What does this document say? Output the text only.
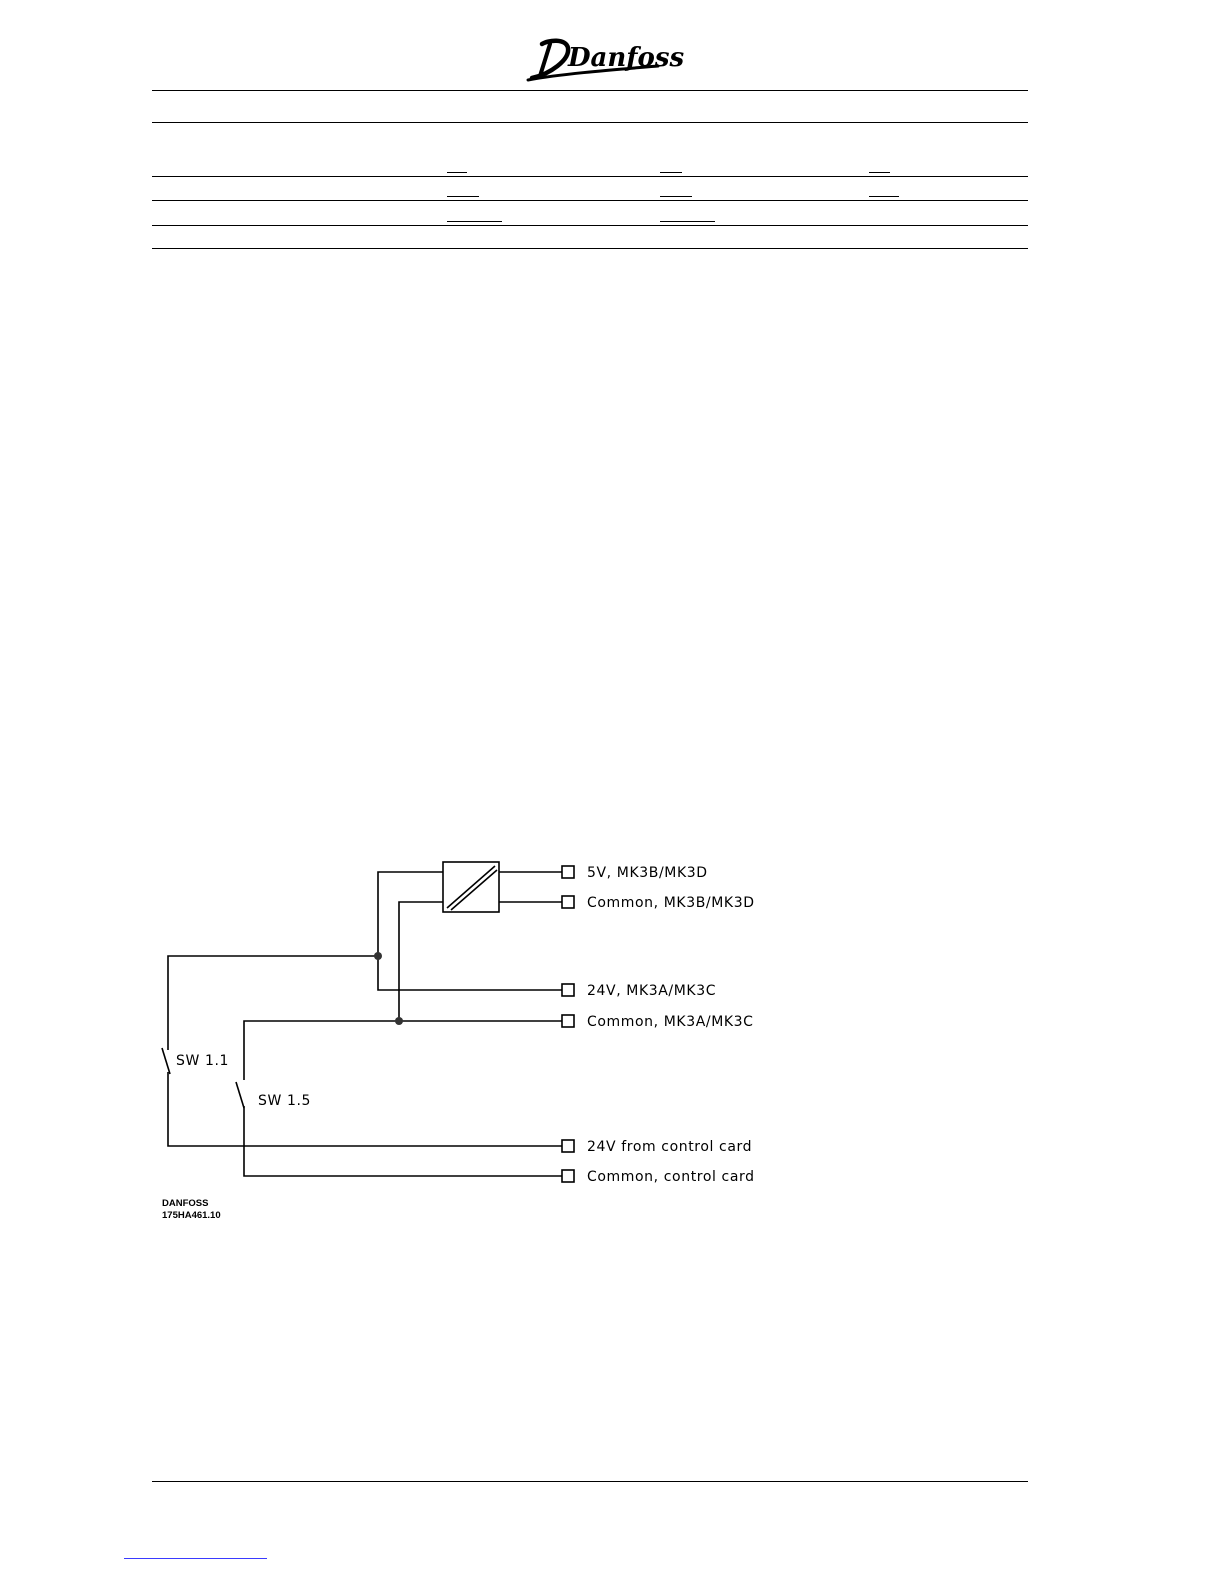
Danfoss
5V, MK3B/MK3D
Common, MK3B/MK3D
24V, MK3A/MK3C
Common, MK3A/MK3C
24V from control card
Common, control card
SW 1.1
SW 1.5
DANFOSS
175HA461.10
